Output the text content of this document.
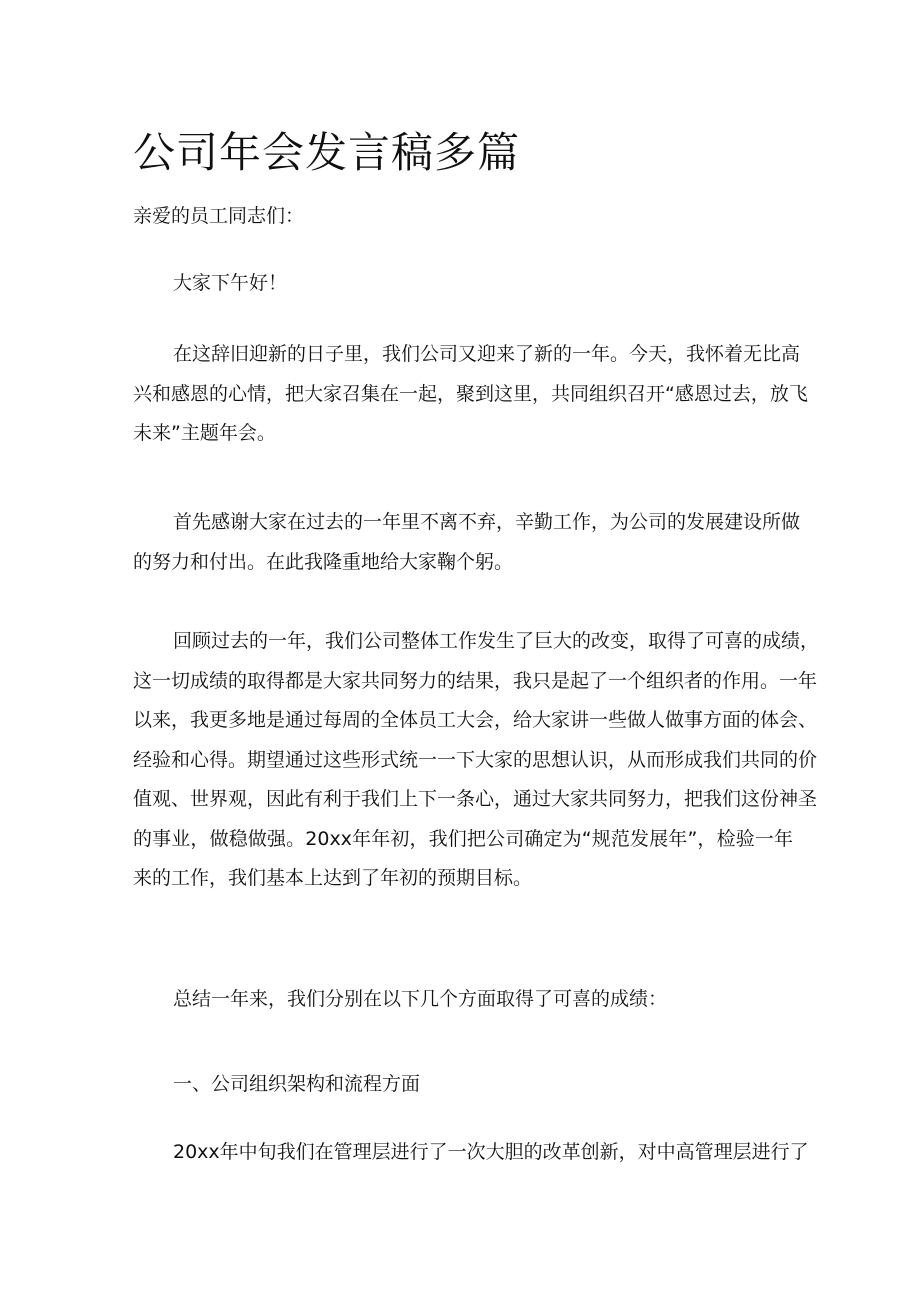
公司年会发言稿多篇

亲爱的员工同志们：

大家下午好！

在这辞旧迎新的日子里，我们公司又迎来了新的一年。今天，我怀着无比高
兴和感恩的心情，把大家召集在一起，聚到这里，共同组织召开“感恩过去，放飞
未来”主题年会。

首先感谢大家在过去的一年里不离不弃，辛勤工作，为公司的发展建设所做
的努力和付出。在此我隆重地给大家鞠个躬。

回顾过去的一年，我们公司整体工作发生了巨大的改变，取得了可喜的成绩，
这一切成绩的取得都是大家共同努力的结果，我只是起了一个组织者的作用。一年
以来，我更多地是通过每周的全体员工大会，给大家讲一些做人做事方面的体会、
经验和心得。期望通过这些形式统一一下大家的思想认识，从而形成我们共同的价
值观、世界观，因此有利于我们上下一条心，通过大家共同努力，把我们这份神圣
的事业，做稳做强。20xx年年初，我们把公司确定为“规范发展年”，检验一年
来的工作，我们基本上达到了年初的预期目标。

总结一年来，我们分别在以下几个方面取得了可喜的成绩：

一、公司组织架构和流程方面

20xx年中旬我们在管理层进行了一次大胆的改革创新，对中高管理层进行了
